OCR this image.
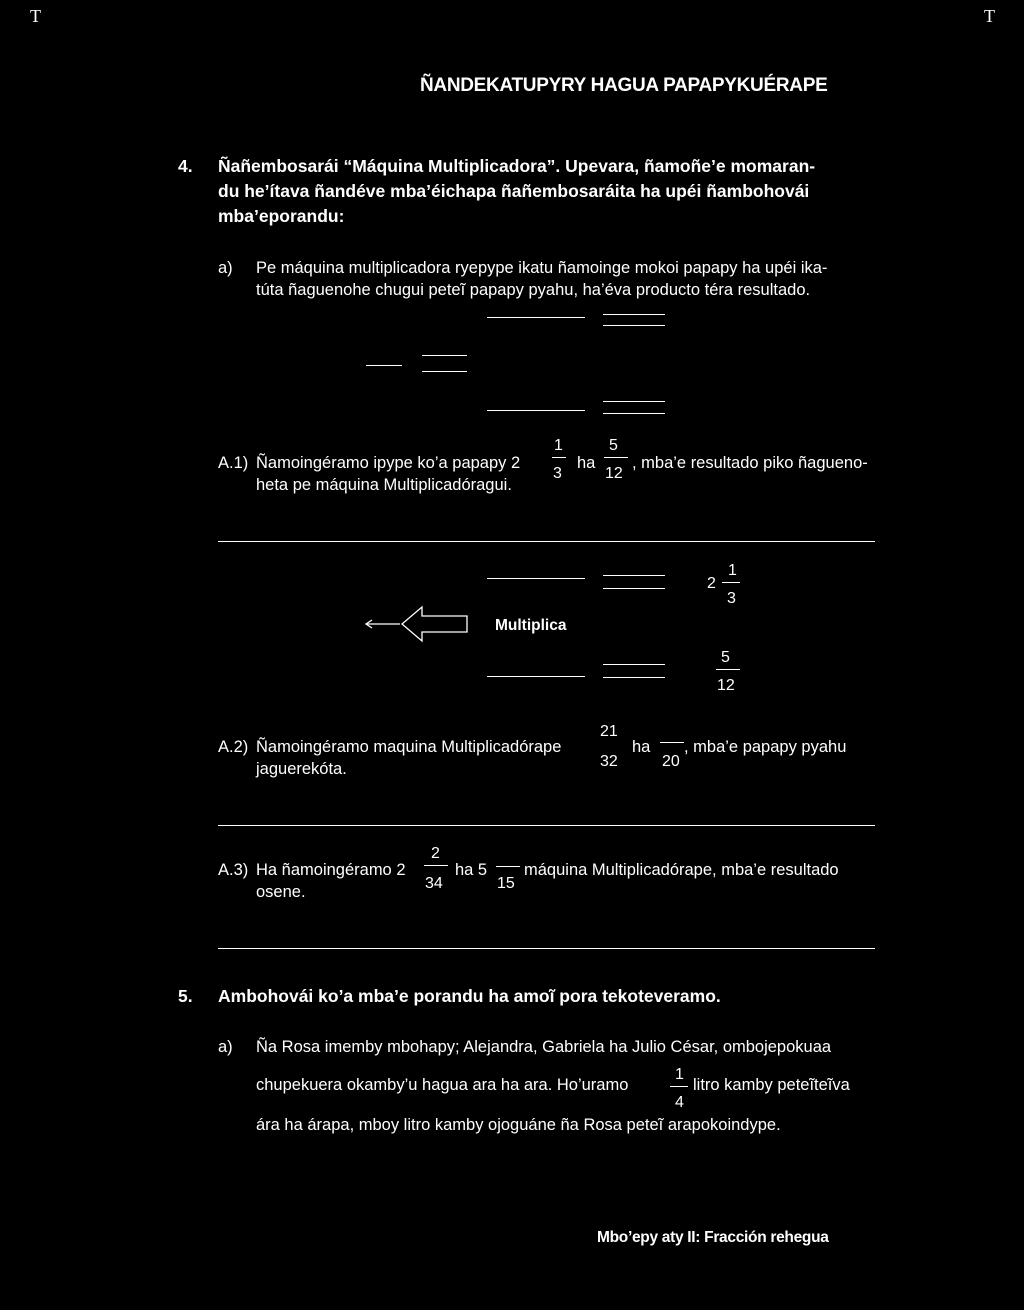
T	T
ÑANDEKATUPYRY HAGUA PAPAPYKUÉRAPE
4. Ñañembosarái “Máquina Multiplicadora”. Upevara, ñamoñe’e momaran-
du he’ítava ñandéve mba’éichapa ñañembosaráita ha upéi ñambohovái
mba’eporandu:
a) Pe máquina multiplicadora ryepype ikatu ñamoinge mokoi papapy ha upéi ika-
túta ñaguenohe chugui peteĩ papapy pyahu, ha’éva producto téra resultado.
A.1) Ñamoingéramo ipype ko’a papapy 2
1
3
ha
5
12
, mba’e resultado piko ñagueno-
heta pe máquina Multiplicadóragui.
Multiplica
2
1
3
5
12
A.2) Ñamoingéramo maquina Multiplicadórape
21
32
ha
20
, mba’e papapy pyahu
jaguerekóta.
A.3) Ha ñamoingéramo 2
2
34
ha 5
15
máquina Multiplicadórape, mba’e resultado
osene.
5. Ambohovái ko’a mba’e porandu ha amoĩ pora tekoteveramo.
a) Ña Rosa imemby mbohapy; Alejandra, Gabriela ha Julio César, ombojepokuaa
chupekuera okamby’u hagua ara ha ara. Ho’uramo
1
4
litro kamby peteĩteĩva
ára ha árapa, mboy litro kamby ojoguáne ña Rosa peteĩ arapokoindype.
Mbo’epy aty II: Fracción rehegua
